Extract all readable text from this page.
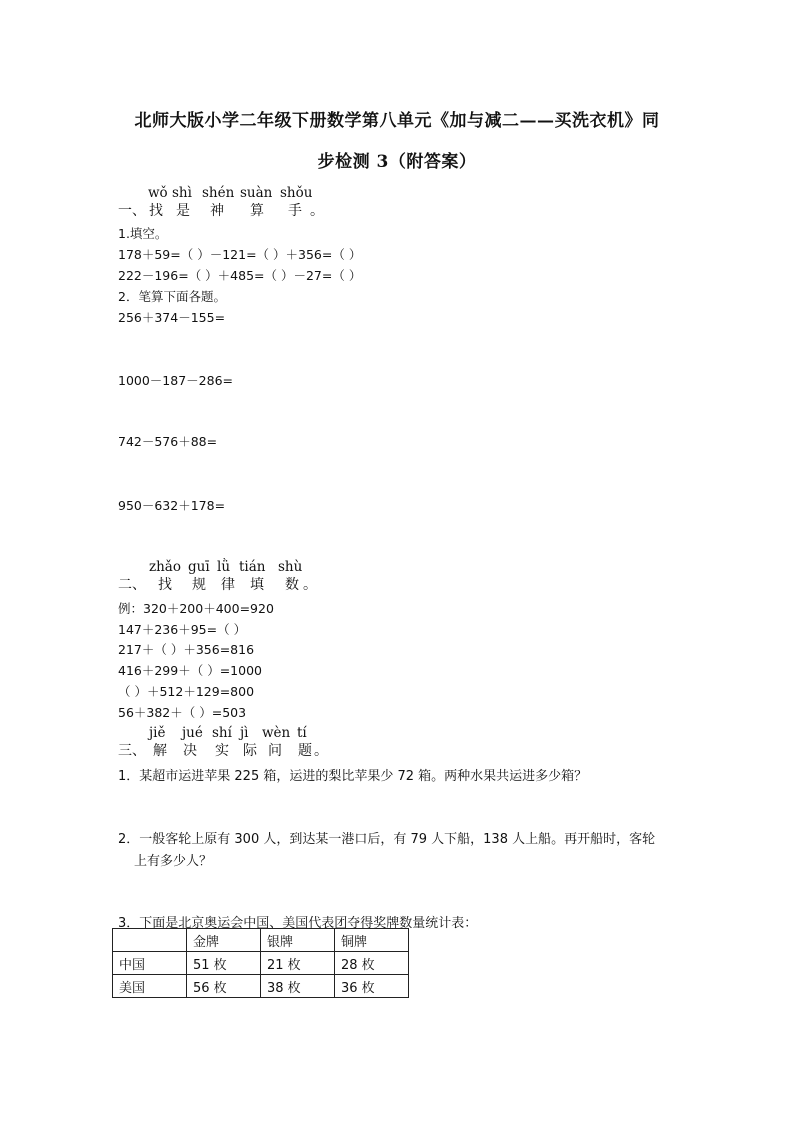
北师大版小学二年级下册数学第八单元《加与减二——买洗衣机》同
步检测 3（附答案）
wǒ shì shén suàn shǒu
一、 找 是 神 算 手 。
1.填空。
178＋59=（ ）－121=（ ）＋356=（ ）
222－196=（ ）＋485=（ ）－27=（ ）
2．笔算下面各题。
256＋374－155=
1000－187－286=
742－576＋88=
950－632＋178=
zhǎo guī lǜ tián shù
二、 找 规 律 填 数 。
例：320＋200＋400=920
147＋236＋95=（ ）
217＋（ ）＋356=816
416＋299＋（ ）=1000
（ ）＋512＋129=800
56＋382＋（ ）=503
jiě jué shí jì wèn tí
三、 解 决 实 际 问 题 。
1．某超市运进苹果 225 箱，运进的梨比苹果少 72 箱。两种水果共运进多少箱？
2．一般客轮上原有 300 人，到达某一港口后，有 79 人下船，138 人上船。再开船时，客轮
上有多少人？
3．下面是北京奥运会中国、美国代表团夺得奖牌数量统计表：
	金牌	银牌	铜牌
中国	51 枚	21 枚	28 枚
美国	56 枚	38 枚	36 枚
